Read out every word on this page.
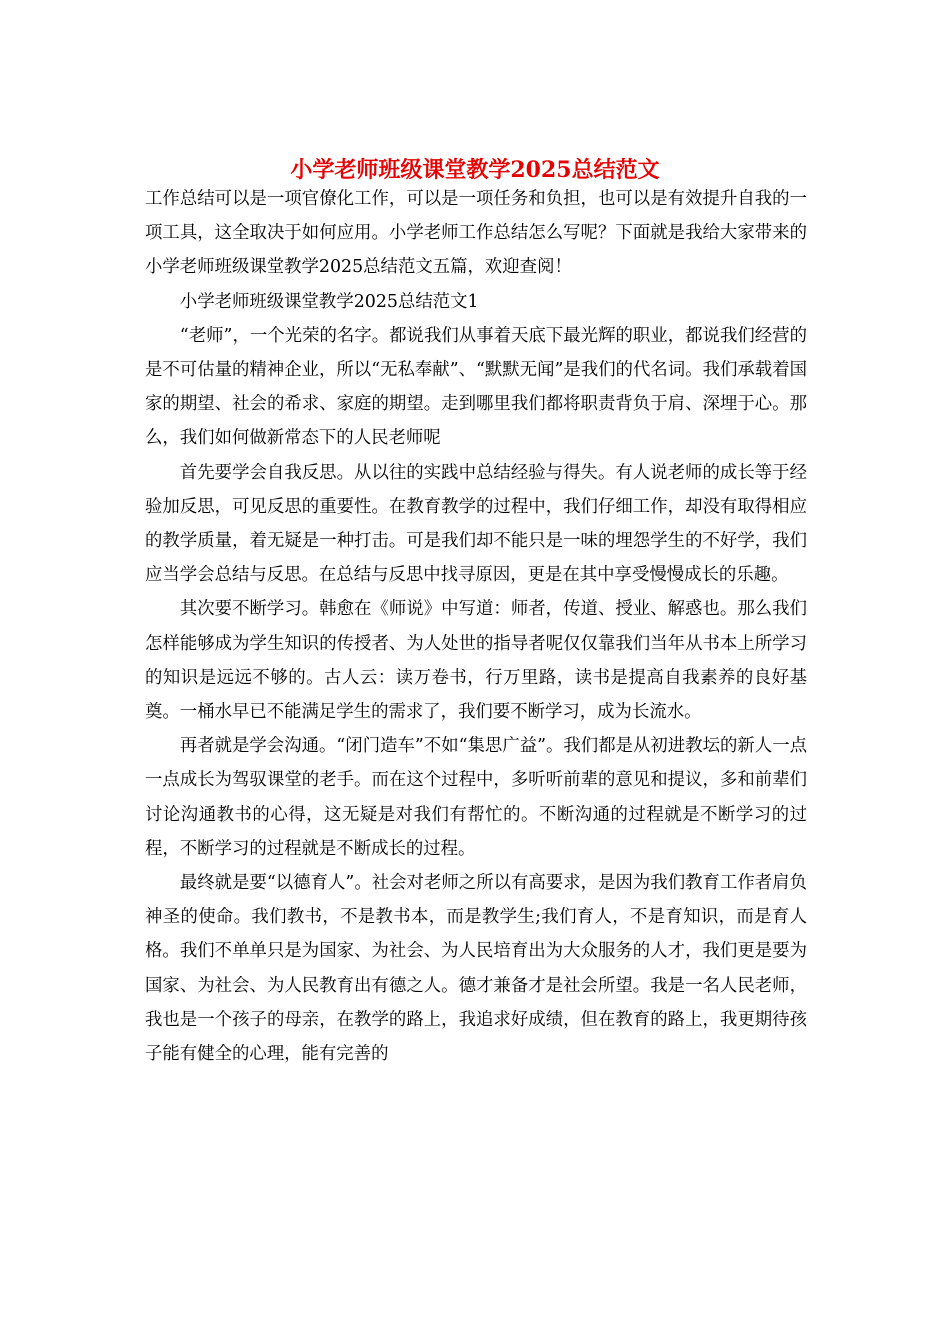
小学老师班级课堂教学2025总结范文

工作总结可以是一项官僚化工作，可以是一项任务和负担，也可以是有效提升自我的一项工具，这全取决于如何应用。小学老师工作总结怎么写呢？下面就是我给大家带来的小学老师班级课堂教学2025总结范文五篇，欢迎查阅！

小学老师班级课堂教学2025总结范文1

“老师”，一个光荣的名字。都说我们从事着天底下最光辉的职业，都说我们经营的是不可估量的精神企业，所以“无私奉献”、“默默无闻”是我们的代名词。我们承载着国家的期望、社会的希求、家庭的期望。走到哪里我们都将职责背负于肩、深埋于心。那么，我们如何做新常态下的人民老师呢

首先要学会自我反思。从以往的实践中总结经验与得失。有人说老师的成长等于经验加反思，可见反思的重要性。在教育教学的过程中，我们仔细工作，却没有取得相应的教学质量，着无疑是一种打击。可是我们却不能只是一味的埋怨学生的不好学，我们应当学会总结与反思。在总结与反思中找寻原因，更是在其中享受慢慢成长的乐趣。

其次要不断学习。韩愈在《师说》中写道：师者，传道、授业、解惑也。那么我们怎样能够成为学生知识的传授者、为人处世的指导者呢仅仅靠我们当年从书本上所学习的知识是远远不够的。古人云：读万卷书，行万里路，读书是提高自我素养的良好基奠。一桶水早已不能满足学生的需求了，我们要不断学习，成为长流水。

再者就是学会沟通。“闭门造车”不如“集思广益”。我们都是从初进教坛的新人一点一点成长为驾驭课堂的老手。而在这个过程中，多听听前辈的意见和提议，多和前辈们讨论沟通教书的心得，这无疑是对我们有帮忙的。不断沟通的过程就是不断学习的过程，不断学习的过程就是不断成长的过程。

最终就是要“以德育人”。社会对老师之所以有高要求，是因为我们教育工作者肩负神圣的使命。我们教书，不是教书本，而是教学生;我们育人，不是育知识，而是育人格。我们不单单只是为国家、为社会、为人民培育出为大众服务的人才，我们更是要为国家、为社会、为人民教育出有德之人。德才兼备才是社会所望。我是一名人民老师，我也是一个孩子的母亲，在教学的路上，我追求好成绩，但在教育的路上，我更期待孩子能有健全的心理，能有完善的
